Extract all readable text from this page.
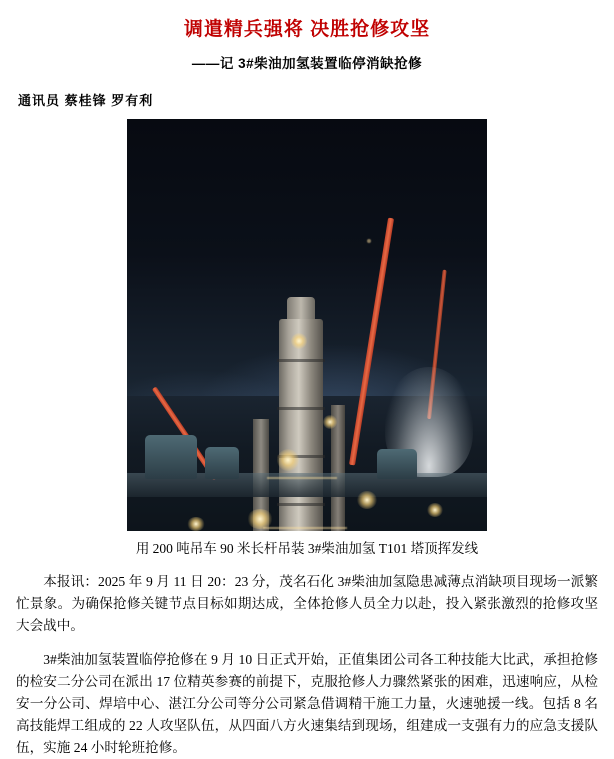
调遣精兵强将 决胜抢修攻坚
——记 3#柴油加氢装置临停消缺抢修
通讯员 蔡桂锋 罗有利
用 200 吨吊车 90 米长杆吊装 3#柴油加氢 T101 塔顶挥发线

本报讯：2025 年 9 月 11 日 20：23 分，茂名石化 3#柴油加氢隐患减薄点消缺项目现场一派繁忙景象。为确保抢修关键节点目标如期达成，全体抢修人员全力以赴，投入紧张激烈的抢修攻坚大会战中。

3#柴油加氢装置临停抢修在 9 月 10 日正式开始，正值集团公司各工种技能大比武，承担抢修的检安二分公司在派出 17 位精英参赛的前提下，克服抢修人力骤然紧张的困难，迅速响应，从检安一分公司、焊培中心、湛江分公司等分公司紧急借调精干施工力量，火速驰援一线。包括 8 名高技能焊工组成的 22 人攻坚队伍，从四面八方火速集结到现场，组建成一支强有力的应急支援队伍，实施 24 小时轮班抢修。
